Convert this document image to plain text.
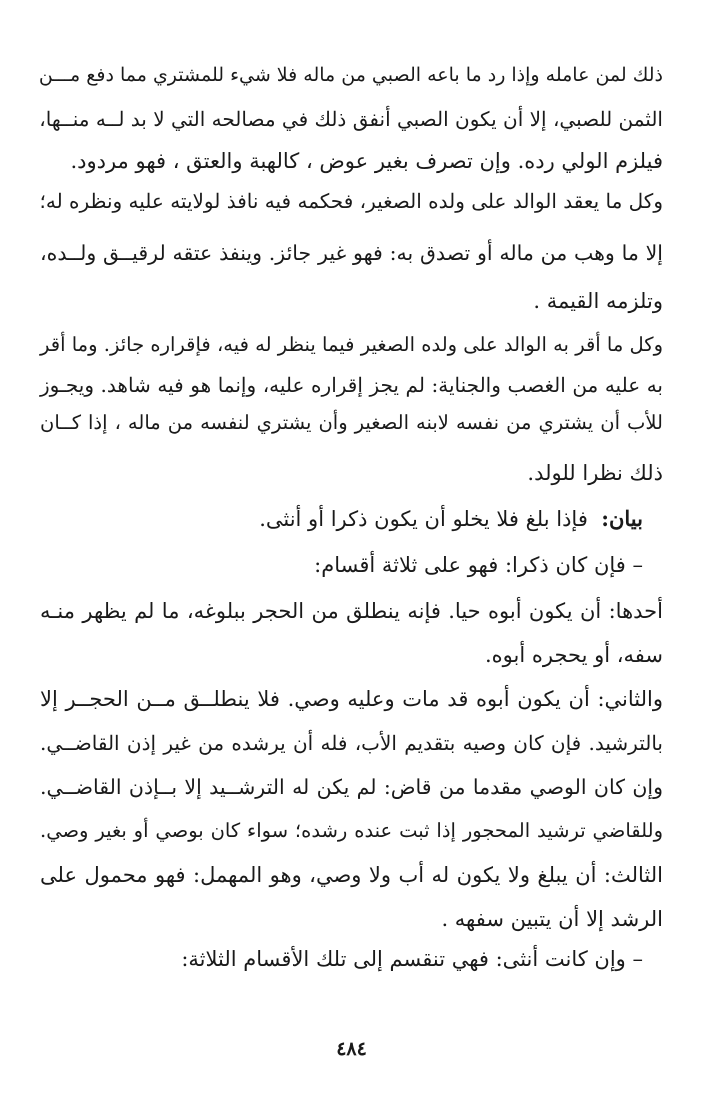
ذلك لمن عامله وإذا رد ما باعه الصبي من ماله فلا شيء للمشتري مما دفع مـــن
الثمن للصبي، إلا أن يكون الصبي أنفق ذلك في مصالحه التي لا بد لــه منــها،
فيلزم الولي رده. وإن تصرف بغير عوض ، كالهبة والعتق ، فهو مردود.
وكل ما يعقد الوالد على ولده الصغير، فحكمه فيه نافذ لولايته عليه ونظره له؛
إلا ما وهب من ماله أو تصدق به: فهو غير جائز. وينفذ عتقه لرقيــق ولــده،
وتلزمه القيمة .
وكل ما أقر به الوالد على ولده الصغير فيما ينظر له فيه، فإقراره جائز. وما أقر
به عليه من الغصب والجناية: لم يجز إقراره عليه، وإنما هو فيه شاهد. ويجـوز
للأب أن يشتري من نفسه لابنه الصغير وأن يشتري لنفسه من ماله ، إذا كــان
ذلك نظرا للولد.
بيان:  فإذا بلغ فلا يخلو أن يكون ذكرا أو أنثى.
– فإن كان ذكرا: فهو على ثلاثة أقسام:
أحدها: أن يكون أبوه حيا. فإنه ينطلق من الحجر ببلوغه، ما لم يظهر منـه
سفه، أو يحجره أبوه.
والثاني: أن يكون أبوه قد مات وعليه وصي. فلا ينطلــق مــن الحجــر إلا
بالترشيد. فإن كان وصيه بتقديم الأب، فله أن يرشده من غير إذن القاضــي.
وإن كان الوصي مقدما من قاض: لم يكن له الترشــيد إلا بــإذن القاضــي.
وللقاضي ترشيد المحجور إذا ثبت عنده رشده؛ سواء كان بوصي أو بغير وصي.
الثالث: أن يبلغ ولا يكون له أب ولا وصي، وهو المهمل: فهو محمول على
الرشد إلا أن يتبين سفهه .
– وإن كانت أنثى: فهي تنقسم إلى تلك الأقسام الثلاثة:
٤٨٤
